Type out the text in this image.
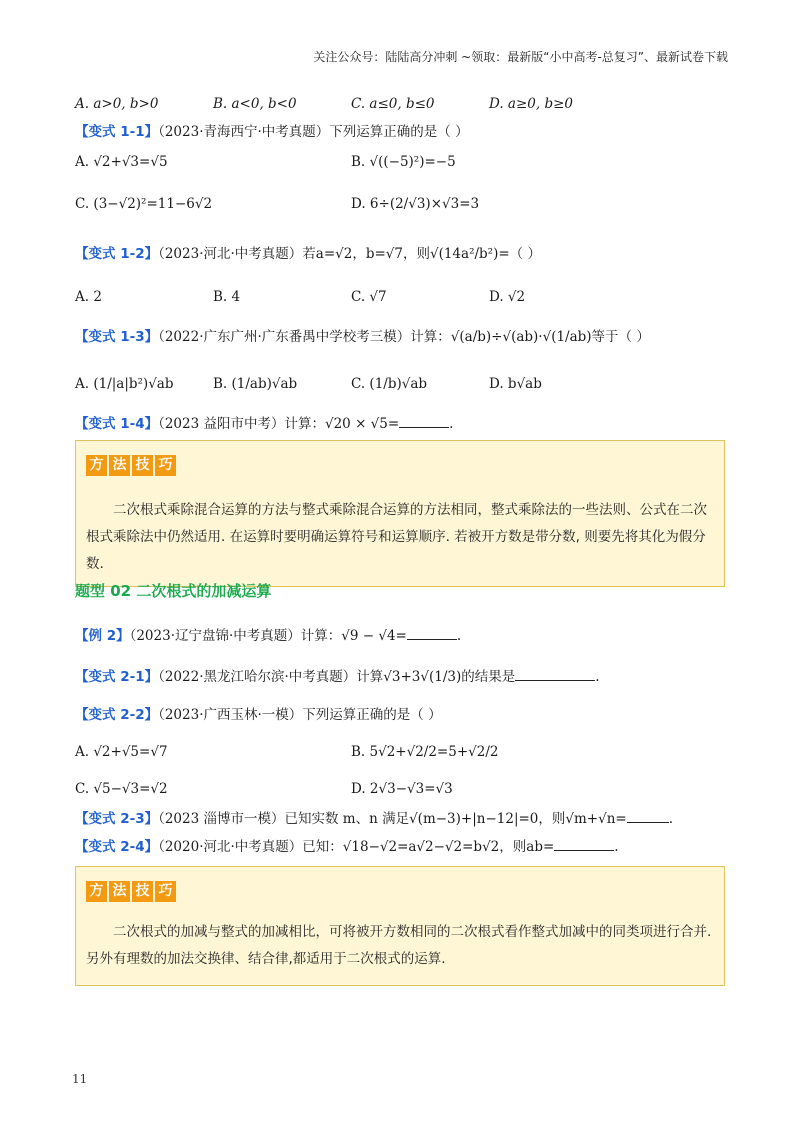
关注公众号：陆陆高分冲刺 ~领取：最新版“小中高考-总复习”、最新试卷下载
A. a>0, b>0	B. a<0, b<0	C. a≤0, b≤0	D. a≥0, b≥0
【变式 1-1】（2023·青海西宁·中考真题）下列运算正确的是（ ）
A. √2+√3=√5	B. √((−5)²)=−5
C. (3−√2)²=11−6√2	D. 6÷(2/√3)×√3=3
【变式 1-2】（2023·河北·中考真题）若a=√2，b=√7，则√(14a²/b²)=（ ）
A. 2	B. 4	C. √7	D. √2
【变式 1-3】（2022·广东广州·广东番禺中学校考三模）计算：√(a/b)÷√(ab)·√(1/ab)等于（ ）
A. (1/|a|b²)√ab	B. (1/ab)√ab	C. (1/b)√ab	D. b√ab
【变式 1-4】（2023 益阳市中考）计算：√20 × √5=	.
方 法 技 巧
二次根式乘除混合运算的方法与整式乘除混合运算的方法相同，整式乘除法的一些法则、公式在二次根式乘除法中仍然适用. 在运算时要明确运算符号和运算顺序. 若被开方数是带分数, 则要先将其化为假分数.
题型 02 二次根式的加减运算
【例 2】（2023·辽宁盘锦·中考真题）计算：√9 − √4=	.
【变式 2-1】（2022·黑龙江哈尔滨·中考真题）计算√3+3√(1/3)的结果是	.
【变式 2-2】（2023·广西玉林·一模）下列运算正确的是（ ）
A. √2+√5=√7	B. 5√2+√2/2=5+√2/2
C. √5−√3=√2	D. 2√3−√3=√3
【变式 2-3】（2023 淄博市一模）已知实数 m、n 满足√(m−3)+|n−12|=0，则√m+√n=	.
【变式 2-4】（2020·河北·中考真题）已知：√18−√2=a√2−√2=b√2，则ab=	.
方 法 技 巧
二次根式的加减与整式的加减相比，可将被开方数相同的二次根式看作整式加减中的同类项进行合并. 另外有理数的加法交换律、结合律,都适用于二次根式的运算.
11
